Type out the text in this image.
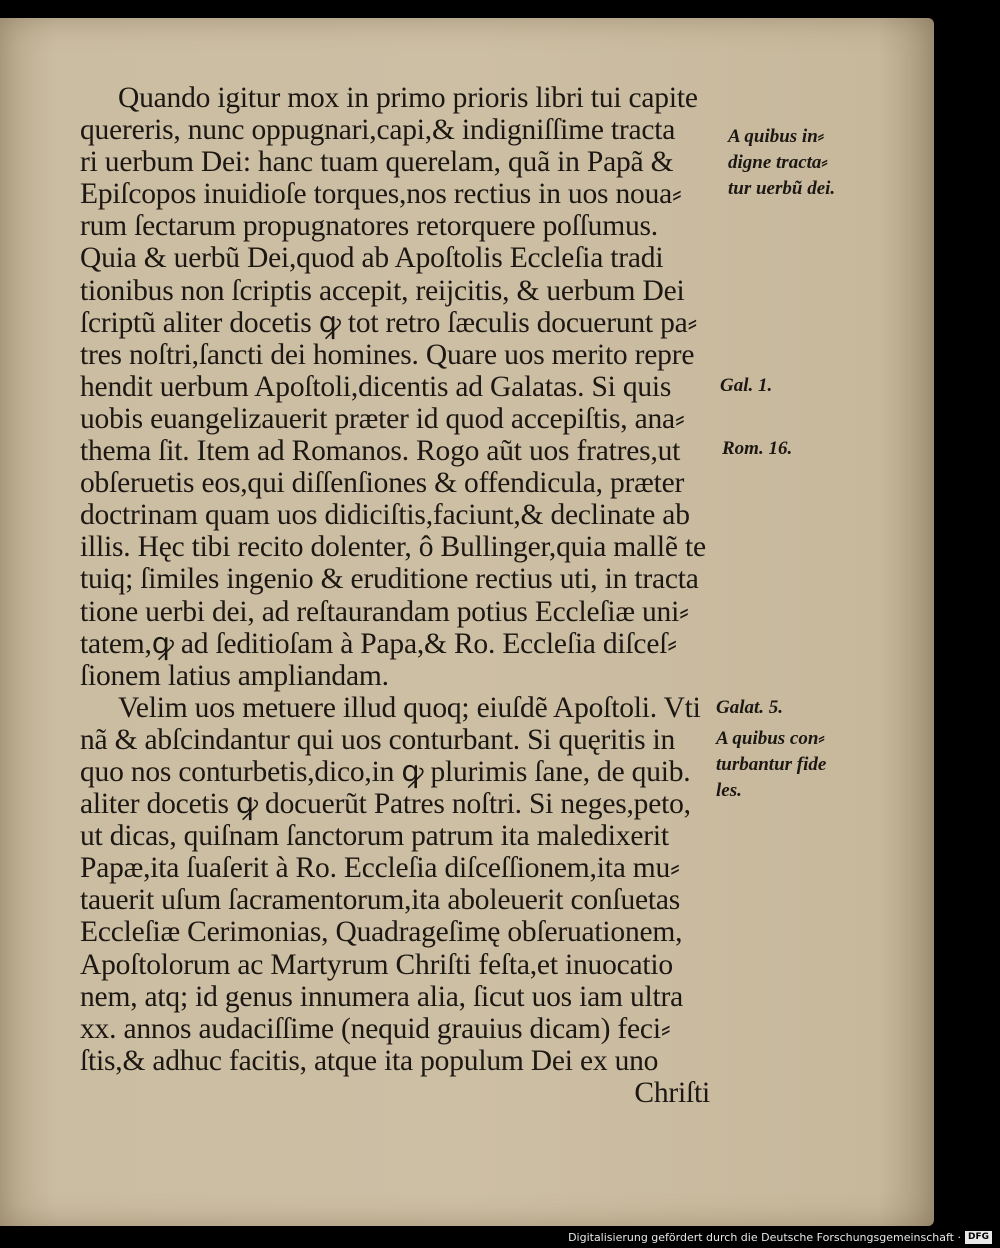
Quando igitur mox in primo prioris libri tui capite
quereris, nunc oppugnari,capi,& indigniſſime tracta
ri uerbum Dei: hanc tuam querelam, quã in Papã &
Epiſcopos inuidioſe torques,nos rectius in uos noua⸗
rum ſectarum propugnatores retorquere poſſumus.
Quia & uerbũ Dei,quod ab Apoſtolis Eccleſia tradi
tionibus non ſcriptis accepit, reijcitis, & uerbum Dei
ſcriptũ aliter docetis ꝙ tot retro ſæculis docuerunt pa⸗
tres noſtri,ſancti dei homines. Quare uos merito repre
hendit uerbum Apoſtoli,dicentis ad Galatas. Si quis
uobis euangelizauerit præter id quod accepiſtis, ana⸗
thema ſit. Item ad Romanos. Rogo aũt uos fratres,ut
obſeruetis eos,qui diſſenſiones & offendicula, præter
doctrinam quam uos didiciſtis,faciunt,& declinate ab
illis. Hęc tibi recito dolenter, ô Bullinger,quia mallẽ te
tuiq; ſimiles ingenio & eruditione rectius uti, in tracta
tione uerbi dei, ad reſtaurandam potius Eccleſiæ uni⸗
tatem,ꝙ ad ſeditioſam à Papa,& Ro. Eccleſia diſceſ⸗
ſionem latius ampliandam.
Velim uos metuere illud quoq; eiuſdẽ Apoſtoli. Vti
nã & abſcindantur qui uos conturbant. Si quęritis in
quo nos conturbetis,dico,in ꝙ plurimis ſane, de quib.
aliter docetis ꝙ docuerũt Patres noſtri. Si neges,peto,
ut dicas, quiſnam ſanctorum patrum ita maledixerit
Papæ,ita ſuaſerit à Ro. Eccleſia diſceſſionem,ita mu⸗
tauerit uſum ſacramentorum,ita aboleuerit conſuetas
Eccleſiæ Cerimonias, Quadrageſimę obſeruationem,
Apoſtolorum ac Martyrum Chriſti feſta,et inuocatio
nem, atq; id genus innumera alia, ſicut uos iam ultra
xx. annos audaciſſime (nequid grauius dicam) feci⸗
ſtis,& adhuc facitis, atque ita populum Dei ex uno
Chriſti
A quibus in⸗
digne tracta⸗
tur uerbũ dei.
Gal. 1.
Rom. 16.
Galat. 5.
A quibus con⸗
turbantur fide
les.
Digitalisierung gefördert durch die Deutsche Forschungsgemeinschaft · DFG
